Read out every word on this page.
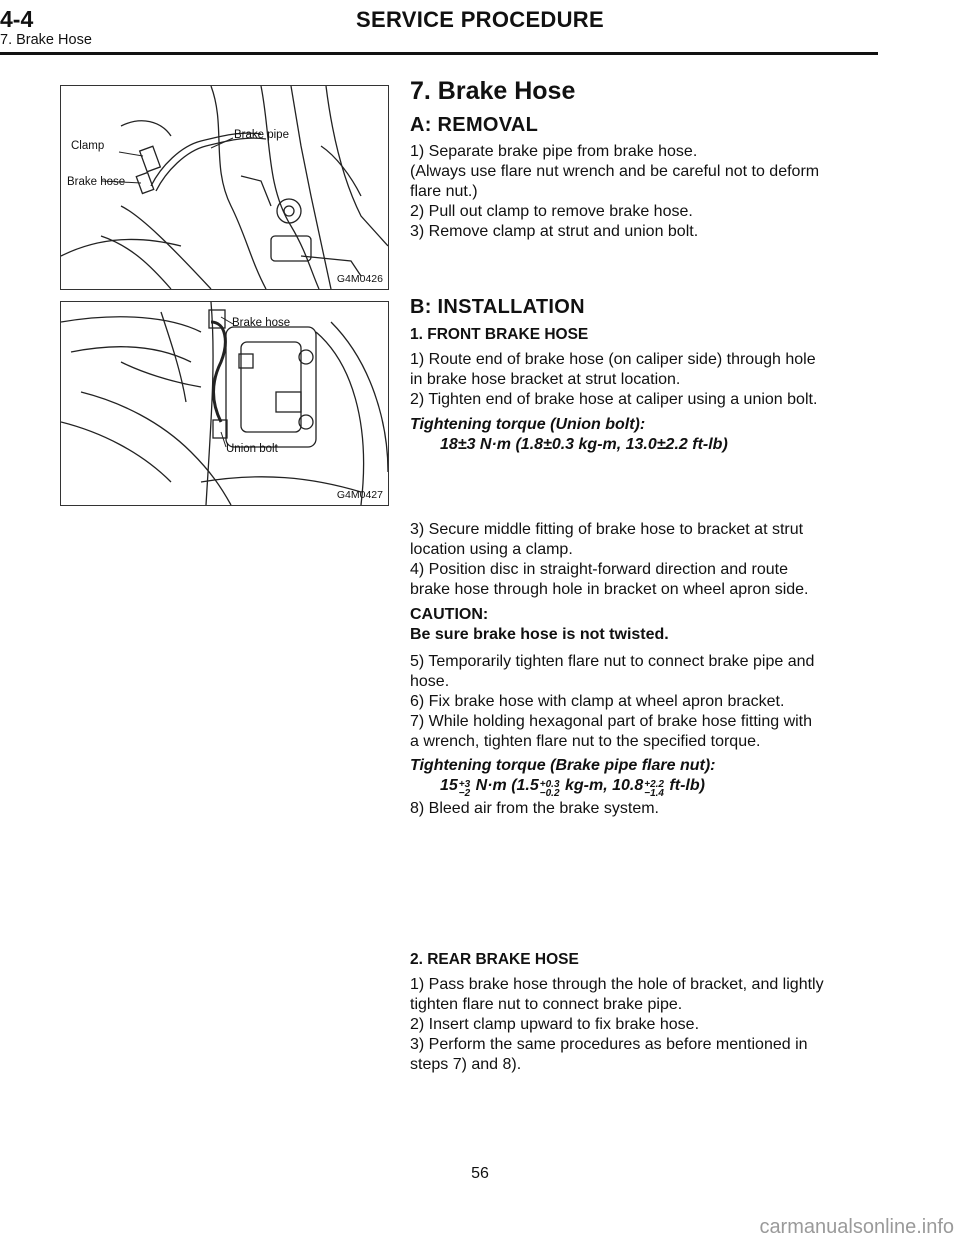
4-4	SERVICE PROCEDURE
7. Brake Hose
Clamp
Brake hose
Brake pipe
G4M0426
Brake hose
Union bolt
G4M0427
7. Brake Hose
A: REMOVAL

1) Separate brake pipe from brake hose.

(Always use flare nut wrench and be careful not to deform

flare nut.)

2) Pull out clamp to remove brake hose.

3) Remove clamp at strut and union bolt.

B: INSTALLATION
1. FRONT BRAKE HOSE

1) Route end of brake hose (on caliper side) through hole

in brake hose bracket at strut location.

2) Tighten end of brake hose at caliper using a union bolt.

Tightening torque (Union bolt):

18±3 N·m (1.8±0.3 kg-m, 13.0±2.2 ft-lb)

3) Secure middle fitting of brake hose to bracket at strut

location using a clamp.

4) Position disc in straight-forward direction and route

brake hose through hole in bracket on wheel apron side.

CAUTION:

Be sure brake hose is not twisted.

5) Temporarily tighten flare nut to connect brake pipe and

hose.

6) Fix brake hose with clamp at wheel apron bracket.

7) While holding hexagonal part of brake hose fitting with

a wrench, tighten flare nut to the specified torque.

Tightening torque (Brake pipe flare nut):

15+3
−2 N·m (1.5+0.3
−0.2 kg-m, 10.8+2.2
−1.4 ft-lb)

8) Bleed air from the brake system.

2. REAR BRAKE HOSE

1) Pass brake hose through the hole of bracket, and lightly

tighten flare nut to connect brake pipe.

2) Insert clamp upward to fix brake hose.

3) Perform the same procedures as before mentioned in

steps 7) and 8).

56
carmanualsonline.info
